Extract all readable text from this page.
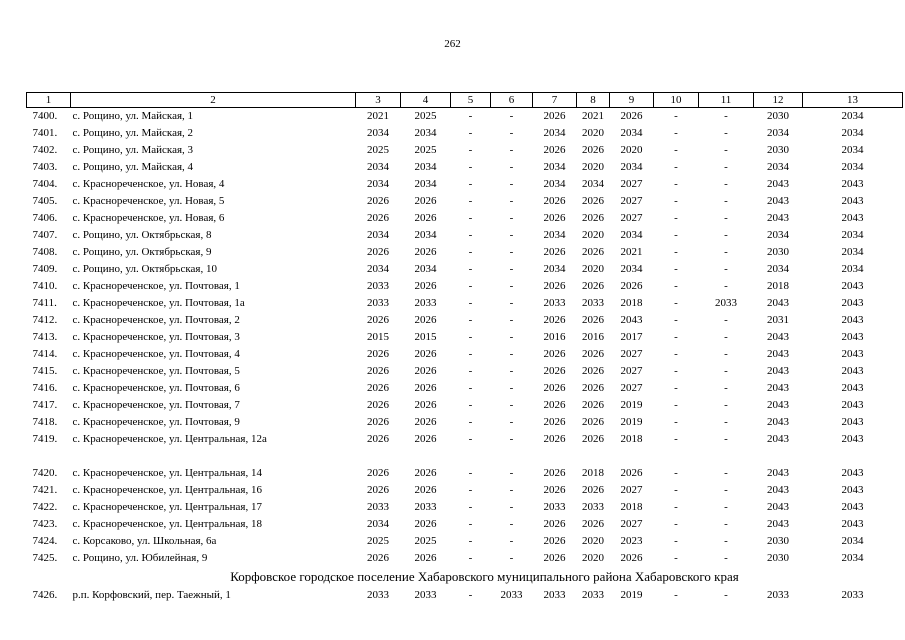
262
1	2	3	4	5	6	7	8	9	10	11	12	13
7400.	с. Рощино, ул. Майская, 1	2021	2025	-	-	2026	2021	2026	-	-	2030	2034
7401.	с. Рощино, ул. Майская, 2	2034	2034	-	-	2034	2020	2034	-	-	2034	2034
7402.	с. Рощино, ул. Майская, 3	2025	2025	-	-	2026	2026	2020	-	-	2030	2034
7403.	с. Рощино, ул. Майская, 4	2034	2034	-	-	2034	2020	2034	-	-	2034	2034
7404.	с. Краснореченское, ул. Новая, 4	2034	2034	-	-	2034	2034	2027	-	-	2043	2043
7405.	с. Краснореченское, ул. Новая, 5	2026	2026	-	-	2026	2026	2027	-	-	2043	2043
7406.	с. Краснореченское, ул. Новая, 6	2026	2026	-	-	2026	2026	2027	-	-	2043	2043
7407.	с. Рощино, ул. Октябрьская, 8	2034	2034	-	-	2034	2020	2034	-	-	2034	2034
7408.	с. Рощино, ул. Октябрьская, 9	2026	2026	-	-	2026	2026	2021	-	-	2030	2034
7409.	с. Рощино, ул. Октябрьская, 10	2034	2034	-	-	2034	2020	2034	-	-	2034	2034
7410.	с. Краснореченское, ул. Почтовая, 1	2033	2026	-	-	2026	2026	2026	-	-	2018	2043
7411.	с. Краснореченское, ул. Почтовая, 1а	2033	2033	-	-	2033	2033	2018	-	2033	2043	2043
7412.	с. Краснореченское, ул. Почтовая, 2	2026	2026	-	-	2026	2026	2043	-	-	2031	2043
7413.	с. Краснореченское, ул. Почтовая, 3	2015	2015	-	-	2016	2016	2017	-	-	2043	2043
7414.	с. Краснореченское, ул. Почтовая, 4	2026	2026	-	-	2026	2026	2027	-	-	2043	2043
7415.	с. Краснореченское, ул. Почтовая, 5	2026	2026	-	-	2026	2026	2027	-	-	2043	2043
7416.	с. Краснореченское, ул. Почтовая, 6	2026	2026	-	-	2026	2026	2027	-	-	2043	2043
7417.	с. Краснореченское, ул. Почтовая, 7	2026	2026	-	-	2026	2026	2019	-	-	2043	2043
7418.	с. Краснореченское, ул. Почтовая, 9	2026	2026	-	-	2026	2026	2019	-	-	2043	2043
7419.	с. Краснореченское, ул. Центральная, 12а	2026	2026	-	-	2026	2026	2018	-	-	2043	2043

7420.	с. Краснореченское, ул. Центральная, 14	2026	2026	-	-	2026	2018	2026	-	-	2043	2043
7421.	с. Краснореченское, ул. Центральная, 16	2026	2026	-	-	2026	2026	2027	-	-	2043	2043
7422.	с. Краснореченское, ул. Центральная, 17	2033	2033	-	-	2033	2033	2018	-	-	2043	2043
7423.	с. Краснореченское, ул. Центральная, 18	2034	2026	-	-	2026	2026	2027	-	-	2043	2043
7424.	с. Корсаково, ул. Школьная, 6а	2025	2025	-	-	2026	2020	2023	-	-	2030	2034
7425.	с. Рощино, ул. Юбилейная, 9	2026	2026	-	-	2026	2020	2026	-	-	2030	2034
Корфовское городское поселение Хабаровского муниципального района Хабаровского края												
7426.	р.п. Корфовский, пер. Таежный, 1	2033	2033	-	2033	2033	2033	2019	-	-	2033	2033
